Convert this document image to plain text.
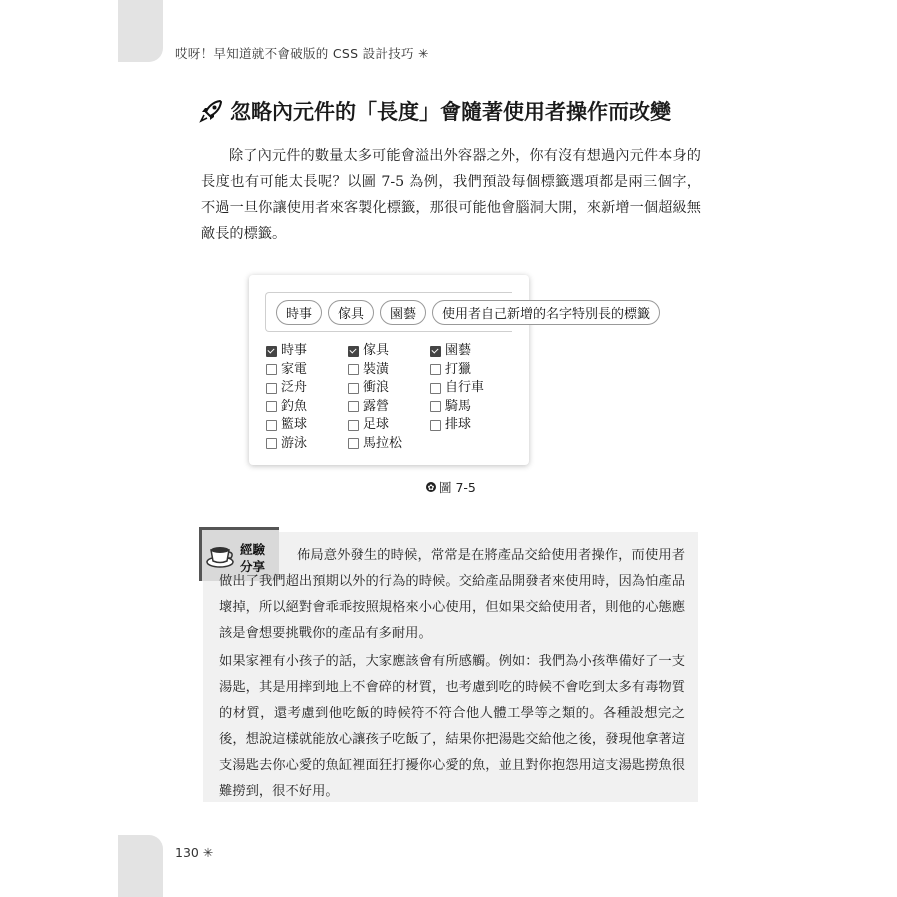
哎呀！早知道就不會破版的 CSS 設計技巧 ✳
忽略內元件的「長度」會隨著使用者操作而改變
除了內元件的數量太多可能會溢出外容器之外，你有沒有想過內元件本身的長度也有可能太長呢？以圖 7-5 為例，我們預設每個標籤選項都是兩三個字，不過一旦你讓使用者來客製化標籤，那很可能他會腦洞大開，來新增一個超級無敵長的標籤。
時事	傢具	園藝	使用者自己新增的名字特別長的標籤
時事	傢具	園藝
家電	裝潢	打獵
泛舟	衝浪	自行車
釣魚	露營	騎馬
籃球	足球	排球
游泳	馬拉松
✿ 圖 7-5
經驗
分享
佈局意外發生的時候，常常是在將產品交給使用者操作，而使用者做出了我們超出預期以外的行為的時候。交給產品開發者來使用時，因為怕產品壞掉，所以絕對會乖乖按照規格來小心使用，但如果交給使用者，則他的心態應該是會想要挑戰你的產品有多耐用。
如果家裡有小孩子的話，大家應該會有所感觸。例如：我們為小孩準備好了一支湯匙，其是用摔到地上不會碎的材質，也考慮到吃的時候不會吃到太多有毒物質的材質，還考慮到他吃飯的時候符不符合他人體工學等之類的。各種設想完之後，想說這樣就能放心讓孩子吃飯了，結果你把湯匙交給他之後，發現他拿著這支湯匙去你心愛的魚缸裡面狂打擾你心愛的魚，並且對你抱怨用這支湯匙撈魚很難撈到，很不好用。
130 ✳
